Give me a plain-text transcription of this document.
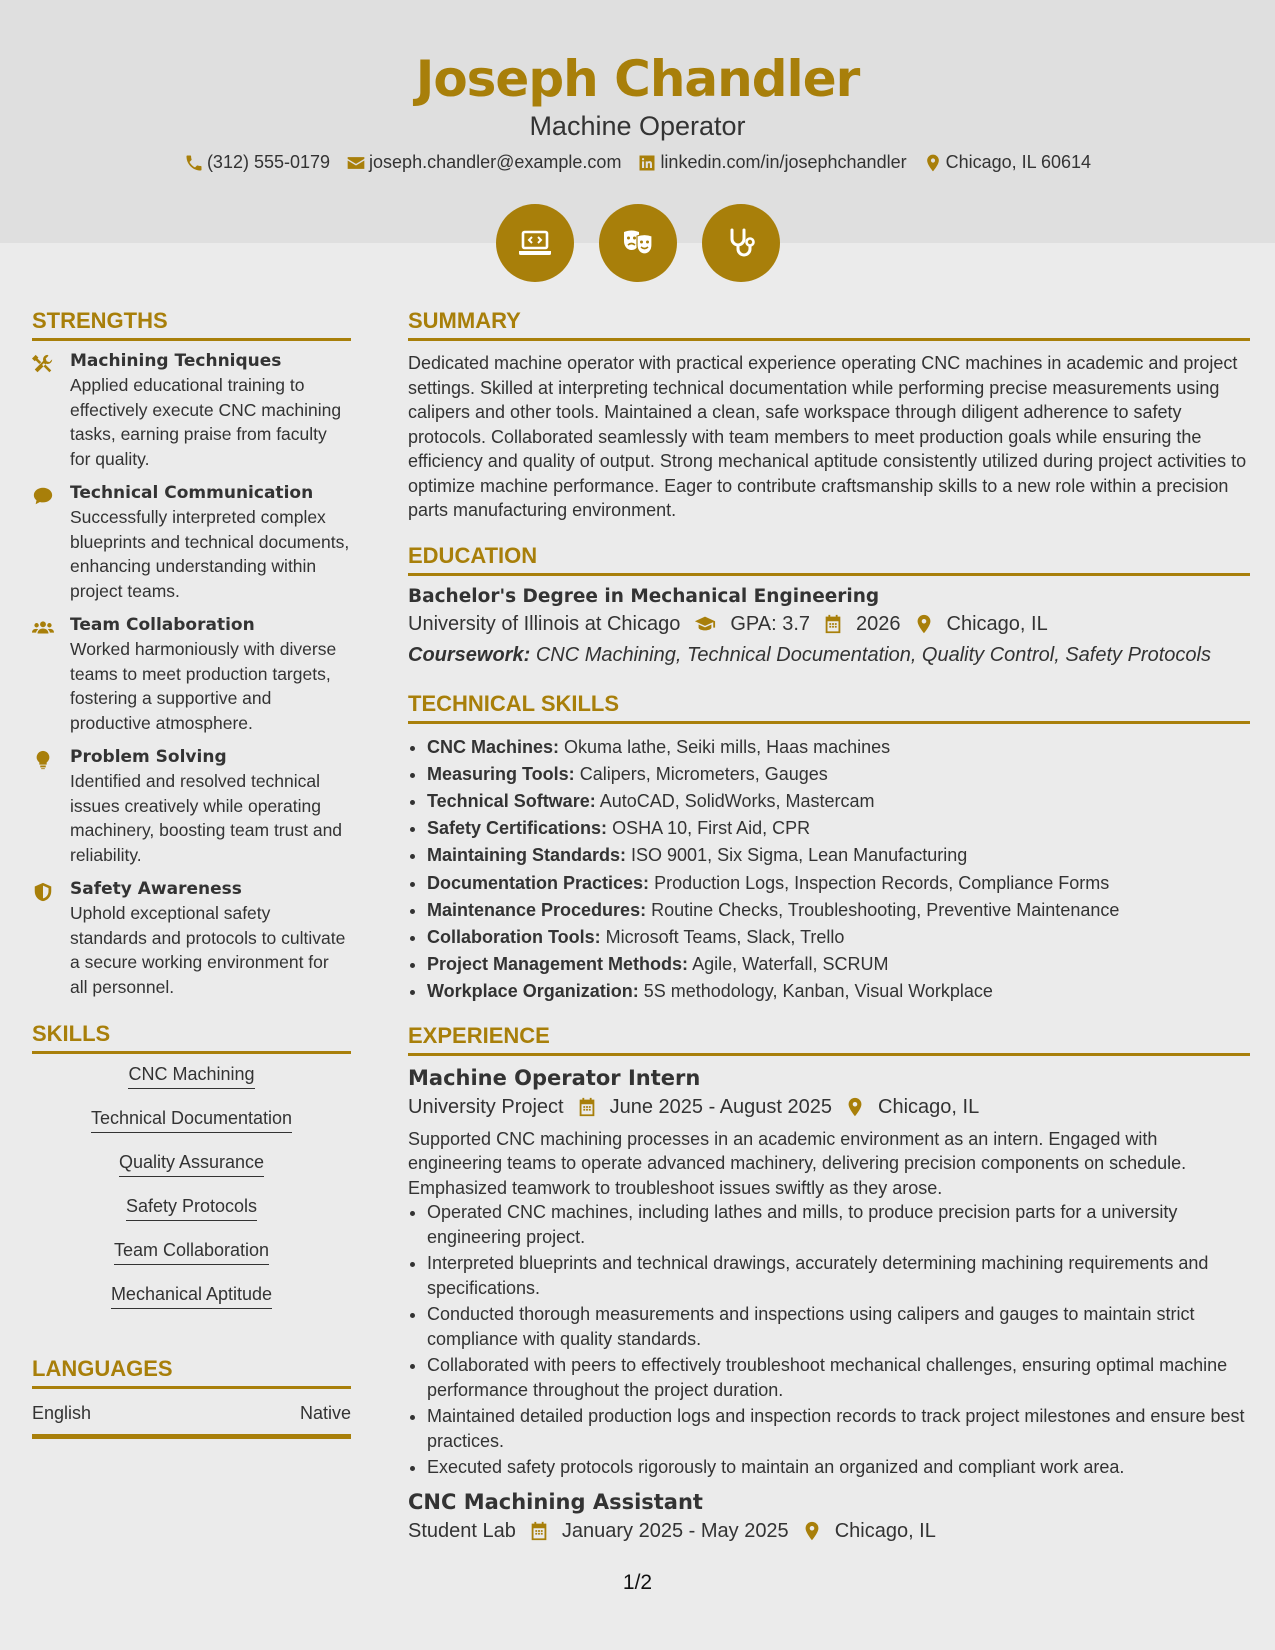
Joseph Chandler
Machine Operator
(312) 555-0179 joseph.chandler@example.com linkedin.com/in/josephchandler Chicago, IL 60614
STRENGTHS
Machining Techniques
Applied educational training to effectively execute CNC machining tasks, earning praise from faculty for quality.
Technical Communication
Successfully interpreted complex blueprints and technical documents, enhancing understanding within project teams.
Team Collaboration
Worked harmoniously with diverse teams to meet production targets, fostering a supportive and productive atmosphere.
Problem Solving
Identified and resolved technical issues creatively while operating machinery, boosting team trust and reliability.
Safety Awareness
Uphold exceptional safety standards and protocols to cultivate a secure working environment for all personnel.
SKILLS
CNC Machining
Technical Documentation
Quality Assurance
Safety Protocols
Team Collaboration
Mechanical Aptitude
LANGUAGES
English	Native
SUMMARY
Dedicated machine operator with practical experience operating CNC machines in academic and project settings. Skilled at interpreting technical documentation while performing precise measurements using calipers and other tools. Maintained a clean, safe workspace through diligent adherence to safety protocols. Collaborated seamlessly with team members to meet production goals while ensuring the efficiency and quality of output. Strong mechanical aptitude consistently utilized during project activities to optimize machine performance. Eager to contribute craftsmanship skills to a new role within a precision parts manufacturing environment.
EDUCATION
Bachelor's Degree in Mechanical Engineering
University of Illinois at Chicago	GPA: 3.7 2026 Chicago, IL
Coursework: CNC Machining, Technical Documentation, Quality Control, Safety Protocols
TECHNICAL SKILLS
• CNC Machines: Okuma lathe, Seiki mills, Haas machines
• Measuring Tools: Calipers, Micrometers, Gauges
• Technical Software: AutoCAD, SolidWorks, Mastercam
• Safety Certifications: OSHA 10, First Aid, CPR
• Maintaining Standards: ISO 9001, Six Sigma, Lean Manufacturing
• Documentation Practices: Production Logs, Inspection Records, Compliance Forms
• Maintenance Procedures: Routine Checks, Troubleshooting, Preventive Maintenance
• Collaboration Tools: Microsoft Teams, Slack, Trello
• Project Management Methods: Agile, Waterfall, SCRUM
• Workplace Organization: 5S methodology, Kanban, Visual Workplace
EXPERIENCE
Machine Operator Intern
University Project June 2025 - August 2025 Chicago, IL
Supported CNC machining processes in an academic environment as an intern. Engaged with engineering teams to operate advanced machinery, delivering precision components on schedule. Emphasized teamwork to troubleshoot issues swiftly as they arose.
• Operated CNC machines, including lathes and mills, to produce precision parts for a university engineering project.
• Interpreted blueprints and technical drawings, accurately determining machining requirements and specifications.
• Conducted thorough measurements and inspections using calipers and gauges to maintain strict compliance with quality standards.
• Collaborated with peers to effectively troubleshoot mechanical challenges, ensuring optimal machine performance throughout the project duration.
• Maintained detailed production logs and inspection records to track project milestones and ensure best practices.
• Executed safety protocols rigorously to maintain an organized and compliant work area.
CNC Machining Assistant
Student Lab January 2025 - May 2025 Chicago, IL
1/2
